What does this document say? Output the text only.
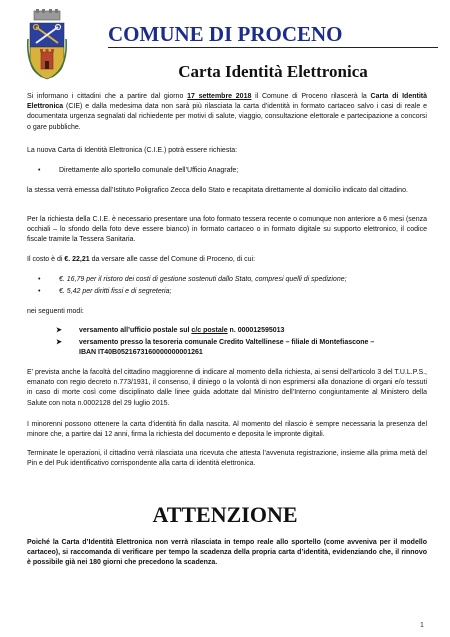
COMUNE DI PROCENO
Carta Identità Elettronica

Si informano i cittadini che a partire dal giorno 17 settembre 2018 il Comune di Proceno rilascerà la Carta di Identità Elettronica (CIE) e dalla medesima data non sarà più rilasciata la carta d’identità in formato cartaceo salvo i casi di reale e documentata urgenza segnalati dal richiedente per motivi di salute, viaggio, consultazione elettorale e partecipazione a concorsi o gare pubbliche.

La nuova Carta di Identità Elettronica (C.I.E.) potrà essere richiesta:

•	Direttamente allo sportello comunale dell’Ufficio Anagrafe;

la stessa verrà emessa dall’Istituto Poligrafico Zecca dello Stato e recapitata direttamente al domicilio indicato dal cittadino.

Per la richiesta della C.I.E. è necessario presentare una foto formato tessera recente o comunque non anteriore a 6 mesi (senza occhiali – lo sfondo della foto deve essere bianco) in formato cartaceo o in formato digitale su supporto elettronico, il codice fiscale tramite la Tessera Sanitaria.

Il costo è di €. 22,21 da versare alle casse del Comune di Proceno, di cui:

•	€. 16,79 per il ristoro dei costi di gestione sostenuti dallo Stato, compresi quelli di spedizione;
•	€. 5,42 per diritti fissi e di segreteria;

nei seguenti modi:

➤ versamento all’ufficio postale sul c/c postale n. 000012595013
➤ versamento presso la tesoreria comunale Credito Valtellinese – filiale di Montefiascone –
IBAN IT40B0521673160000000001261

E’ prevista anche la facoltà del cittadino maggiorenne di indicare al momento della richiesta, ai sensi dell’articolo 3 del T.U.L.P.S., emanato con regio decreto n.773/1931, il consenso, il diniego o la volontà di non esprimersi alla donazione di organi e/o tessuti in caso di morte così come disciplinato dalle linee guida adottate dal Ministro dell’Interno congiuntamente al Ministero della Salute con nota n.0002128 del 29 luglio 2015.

I minorenni possono ottenere la carta d’identità fin dalla nascita. Al momento del rilascio è sempre necessaria la presenza del minore che, a partire dai 12 anni, firma la richiesta del documento e deposita le impronte digitali.

Terminate le operazioni, il cittadino verrà rilasciata una ricevuta che attesta l’avvenuta registrazione, insieme alla prima metà del Pin e del Puk identificativo corrispondente alla carta di identità elettronica.

ATTENZIONE

Poiché la Carta d’Identità Elettronica non verrà rilasciata in tempo reale allo sportello (come avveniva per il modello cartaceo), si raccomanda di verificare per tempo la scadenza della propria carta d’identità, evidenziando che, il rinnovo è possibile già nei 180 giorni che precedono la scadenza.

1
